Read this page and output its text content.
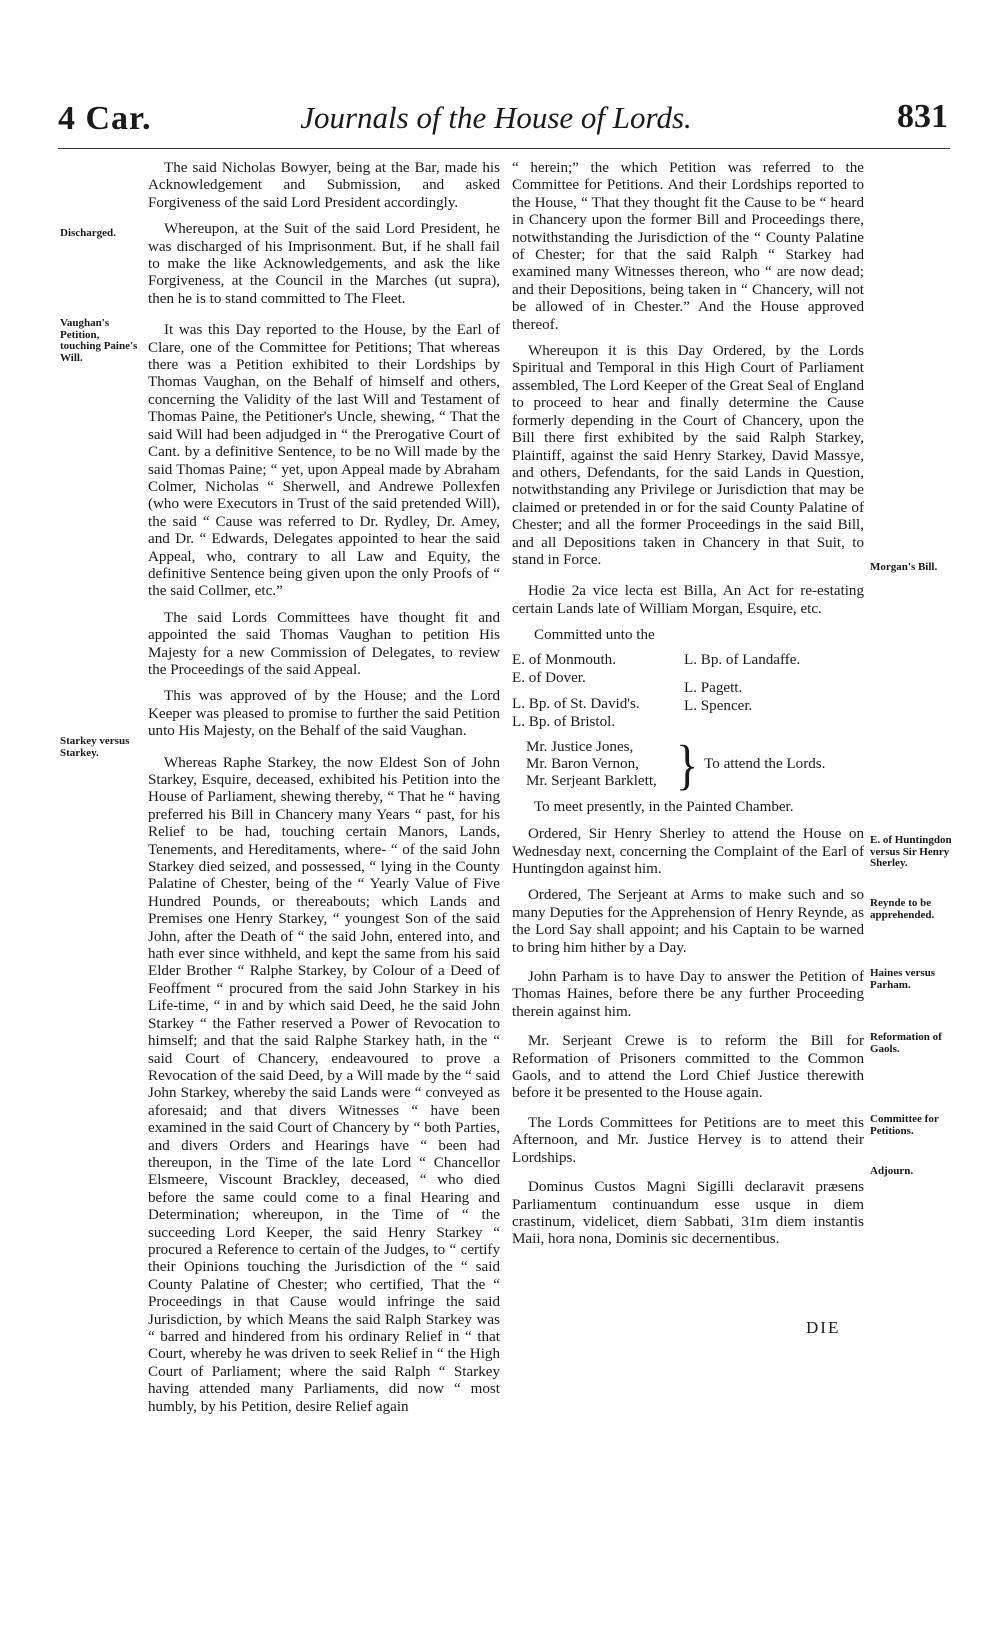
4 Car.	Journals of the House of Lords.	831
Discharged.
Vaughan's Petition, touching Paine's Will.
Starkey versus Starkey.
Morgan's Bill.
E. of Huntingdon versus Sir Henry Sherley.
Reynde to be apprehended.
Haines versus Parham.
Reformation of Gaols.
Committee for Petitions.
Adjourn.

The said Nicholas Bowyer, being at the Bar, made his Acknowledgement and Submission, and asked Forgiveness of the said Lord President accordingly.

Whereupon, at the Suit of the said Lord President, he was discharged of his Imprisonment. But, if he shall fail to make the like Acknowledgements, and ask the like Forgiveness, at the Council in the Marches (ut supra), then he is to stand committed to The Fleet.

It was this Day reported to the House, by the Earl of Clare, one of the Committee for Petitions; That whereas there was a Petition exhibited to their Lordships by Thomas Vaughan, on the Behalf of himself and others, concerning the Validity of the last Will and Testament of Thomas Paine, the Petitioner's Uncle, shewing, “ That the said Will had been adjudged in “ the Prerogative Court of Cant. by a definitive Sentence, to be no Will made by the said Thomas Paine; “ yet, upon Appeal made by Abraham Colmer, Nicholas “ Sherwell, and Andrewe Pollexfen (who were Executors in Trust of the said pretended Will), the said “ Cause was referred to Dr. Rydley, Dr. Amey, and Dr. “ Edwards, Delegates appointed to hear the said Appeal, who, contrary to all Law and Equity, the definitive Sentence being given upon the only Proofs of “ the said Collmer, etc.”

The said Lords Committees have thought fit and appointed the said Thomas Vaughan to petition His Majesty for a new Commission of Delegates, to review the Proceedings of the said Appeal.

This was approved of by the House; and the Lord Keeper was pleased to promise to further the said Petition unto His Majesty, on the Behalf of the said Vaughan.

Whereas Raphe Starkey, the now Eldest Son of John Starkey, Esquire, deceased, exhibited his Petition into the House of Parliament, shewing thereby, “ That he “ having preferred his Bill in Chancery many Years “ past, for his Relief to be had, touching certain Manors, Lands, Tenements, and Hereditaments, where- “ of the said John Starkey died seized, and possessed, “ lying in the County Palatine of Chester, being of the “ Yearly Value of Five Hundred Pounds, or thereabouts; which Lands and Premises one Henry Starkey, “ youngest Son of the said John, after the Death of “ the said John, entered into, and hath ever since withheld, and kept the same from his said Elder Brother “ Ralphe Starkey, by Colour of a Deed of Feoffment “ procured from the said John Starkey in his Life-time, “ in and by which said Deed, he the said John Starkey “ the Father reserved a Power of Revocation to himself; and that the said Ralphe Starkey hath, in the “ said Court of Chancery, endeavoured to prove a Revocation of the said Deed, by a Will made by the “ said John Starkey, whereby the said Lands were “ conveyed as aforesaid; and that divers Witnesses “ have been examined in the said Court of Chancery by “ both Parties, and divers Orders and Hearings have “ been had thereupon, in the Time of the late Lord “ Chancellor Elsmeere, Viscount Brackley, deceased, “ who died before the same could come to a final Hearing and Determination; whereupon, in the Time of “ the succeeding Lord Keeper, the said Henry Starkey “ procured a Reference to certain of the Judges, to “ certify their Opinions touching the Jurisdiction of the “ said County Palatine of Chester; who certified, That the “ Proceedings in that Cause would infringe the said Jurisdiction, by which Means the said Ralph Starkey was “ barred and hindered from his ordinary Relief in “ that Court, whereby he was driven to seek Relief in “ the High Court of Parliament; where the said Ralph “ Starkey having attended many Parliaments, did now “ most humbly, by his Petition, desire Relief again

“ herein;” the which Petition was referred to the Committee for Petitions. And their Lordships reported to the House, “ That they thought fit the Cause to be “ heard in Chancery upon the former Bill and Proceedings there, notwithstanding the Jurisdiction of the “ County Palatine of Chester; for that the said Ralph “ Starkey had examined many Witnesses thereon, who “ are now dead; and their Depositions, being taken in “ Chancery, will not be allowed of in Chester.” And the House approved thereof.

Whereupon it is this Day Ordered, by the Lords Spiritual and Temporal in this High Court of Parliament assembled, The Lord Keeper of the Great Seal of England to proceed to hear and finally determine the Cause formerly depending in the Court of Chancery, upon the Bill there first exhibited by the said Ralph Starkey, Plaintiff, against the said Henry Starkey, David Massye, and others, Defendants, for the said Lands in Question, notwithstanding any Privilege or Jurisdiction that may be claimed or pretended in or for the said County Palatine of Chester; and all the former Proceedings in the said Bill, and all Depositions taken in Chancery in that Suit, to stand in Force.

Hodie 2a vice lecta est Billa, An Act for re-estating certain Lands late of William Morgan, Esquire, etc.

Committed unto the
E. of Monmouth.
E. of Dover.
L. Bp. of St. David's.
L. Bp. of Bristol.
L. Bp. of Landaffe.
L. Pagett.
L. Spencer.
Mr. Justice Jones,
Mr. Baron Vernon,
Mr. Serjeant Barklett, } To attend the Lords.
To meet presently, in the Painted Chamber.

Ordered, Sir Henry Sherley to attend the House on Wednesday next, concerning the Complaint of the Earl of Huntingdon against him.

Ordered, The Serjeant at Arms to make such and so many Deputies for the Apprehension of Henry Reynde, as the Lord Say shall appoint; and his Captain to be warned to bring him hither by a Day.

John Parham is to have Day to answer the Petition of Thomas Haines, before there be any further Proceeding therein against him.

Mr. Serjeant Crewe is to reform the Bill for Reformation of Prisoners committed to the Common Gaols, and to attend the Lord Chief Justice therewith before it be presented to the House again.

The Lords Committees for Petitions are to meet this Afternoon, and Mr. Justice Hervey is to attend their Lordships.

Dominus Custos Magni Sigilli declaravit præsens Parliamentum continuandum esse usque in diem crastinum, videlicet, diem Sabbati, 31m diem instantis Maii, hora nona, Dominis sic decernentibus.

DIE
